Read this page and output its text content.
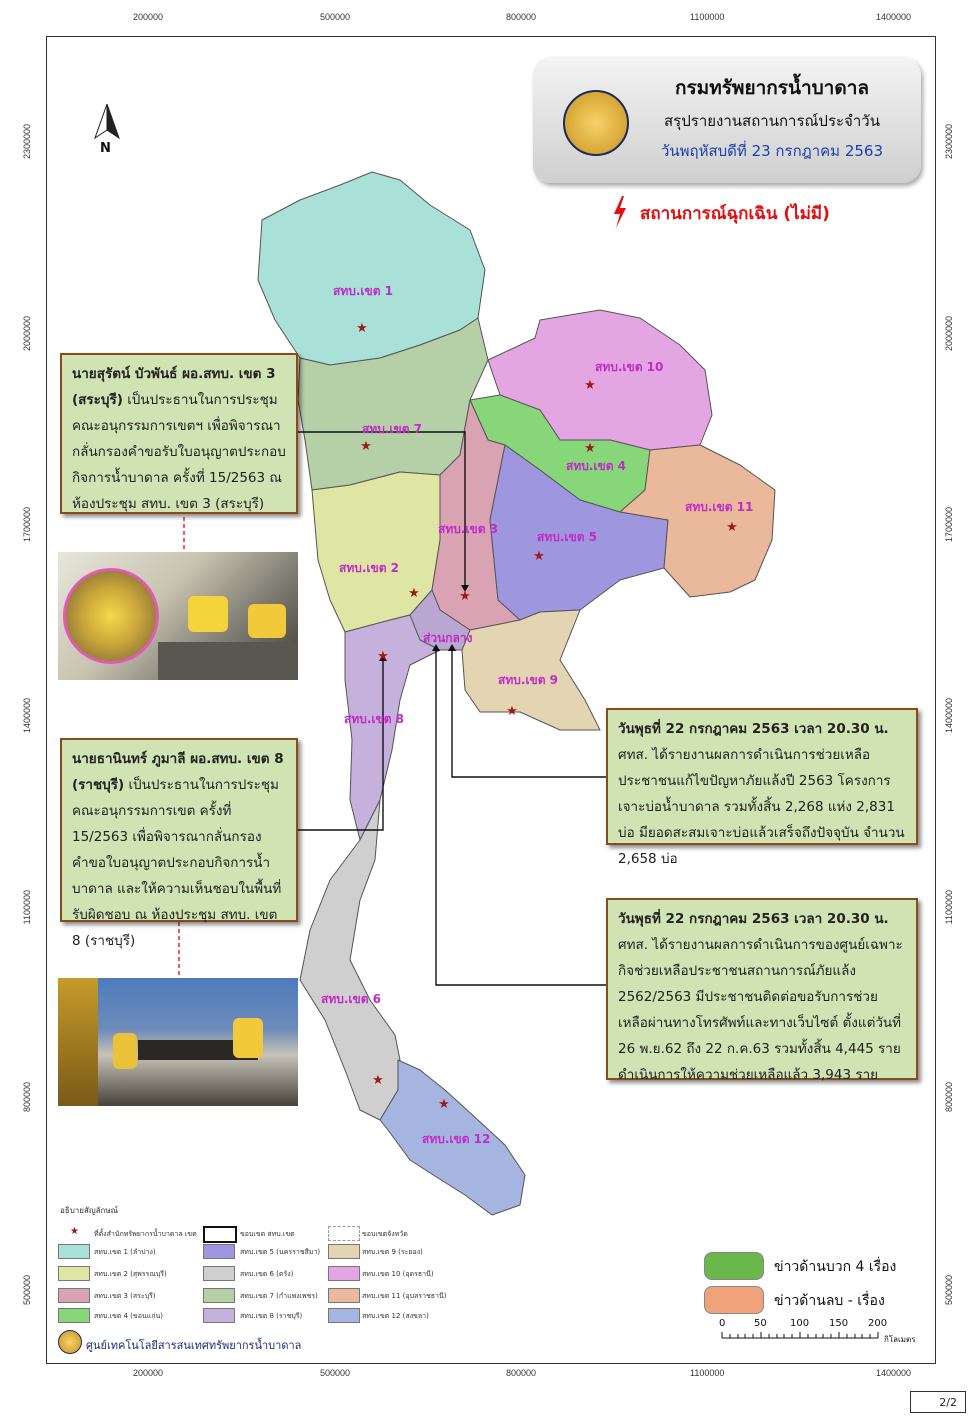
200000	500000	800000	1100000	1400000
200000	500000	800000	1100000	1400000
2300000
2000000
1700000
1400000
1100000
800000
500000
2300000
2000000
1700000
1400000
1100000
800000
500000
★
★
★	★
★
★
★
★
★
★
★
★
สทบ.เขต 1
สทบ.เขต 7
สทบ.เขต 2
สทบ.เขต 3
สทบ.เขต 10
สทบ.เขต 4
สทบ.เขต 5
สทบ.เขต 11
ส่วนกลาง
สทบ.เขต 9
สทบ.เขต 8
สทบ.เขต 6
สทบ.เขต 12
N
กรมทรัพยากรน้ำบาดาล
สรุปรายงานสถานการณ์ประจำวัน
วันพฤหัสบดีที่ 23 กรกฎาคม 2563
สถานการณ์ฉุกเฉิน (ไม่มี)
นายสุรัตน์ บัวพันธ์ ผอ.สทบ. เขต 3 (สระบุรี) เป็นประธานในการประชุมคณะอนุกรรมการเขตฯ เพื่อพิจารณากลั่นกรองคำขอรับใบอนุญาตประกอบกิจการน้ำบาดาล ครั้งที่ 15/2563 ณ ห้องประชุม สทบ. เขต 3 (สระบุรี)
นายธานินทร์ ภูมาลี ผอ.สทบ. เขต 8 (ราชบุรี) เป็นประธานในการประชุมคณะอนุกรรมการเขต ครั้งที่ 15/2563 เพื่อพิจารณากลั่นกรองคำขอใบอนุญาตประกอบกิจการน้ำบาดาล และให้ความเห็นชอบในพื้นที่รับผิดชอบ ณ ห้องประชุม สทบ. เขต 8 (ราชบุรี)
วันพุธที่ 22 กรกฎาคม 2563 เวลา 20.30 น. ศทส. ได้รายงานผลการดำเนินการช่วยเหลือประชาชนแก้ไขปัญหาภัยแล้งปี 2563 โครงการเจาะบ่อน้ำบาดาล รวมทั้งสิ้น 2,268 แห่ง 2,831 บ่อ มียอดสะสมเจาะบ่อแล้วเสร็จถึงปัจจุบัน จำนวน 2,658 บ่อ
วันพุธที่ 22 กรกฎาคม 2563 เวลา 20.30 น. ศทส. ได้รายงานผลการดำเนินการของศูนย์เฉพาะกิจช่วยเหลือประชาชนสถานการณ์ภัยแล้ง 2562/2563 มีประชาชนติดต่อขอรับการช่วยเหลือผ่านทางโทรศัพท์และทางเว็บไซต์ ตั้งแต่วันที่ 26 พ.ย.62 ถึง 22 ก.ค.63 รวมทั้งสิ้น 4,445 ราย ดำเนินการให้ความช่วยเหลือแล้ว 3,943 ราย
อธิบายสัญลักษณ์
★ ที่ตั้งสำนักทรัพยากรน้ำบาดาล เขต	ขอบเขต สทบ.เขต	ขอบเขตจังหวัด
สทบ.เขต 1 (ลำปาง)
สทบ.เขต 2 (สุพรรณบุรี)
สทบ.เขต 3 (สระบุรี)
สทบ.เขต 4 (ขอนแก่น)
สทบ.เขต 5 (นครราชสีมา)
สทบ.เขต 6 (ตรัง)
สทบ.เขต 7 (กำแพงเพชร)
สทบ.เขต 8 (ราชบุรี)
สทบ.เขต 9 (ระยอง)
สทบ.เขต 10 (อุดรธานี)
สทบ.เขต 11 (อุบลราชธานี)
สทบ.เขต 12 (สงขลา)
ข่าวด้านบวก 4 เรื่อง
ข่าวด้านลบ - เรื่อง
0	50 100 150 200
กิโลเมตร
ศูนย์เทคโนโลยีสารสนเทศทรัพยากรน้ำบาดาล
2/2
